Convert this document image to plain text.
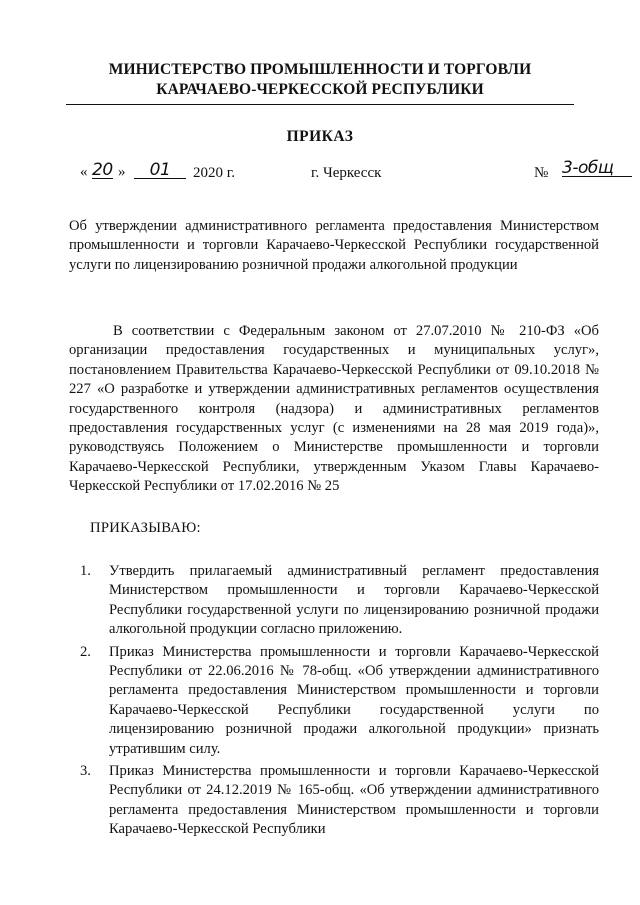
МИНИСТЕРСТВО ПРОМЫШЛЕННОСТИ И ТОРГОВЛИ
КАРАЧАЕВО-ЧЕРКЕССКОЙ РЕСПУБЛИКИ
ПРИКАЗ
« 20 »	01	2020 г.	г. Черкесск	№ 3-общ
Об утверждении административного регламента предоставления Министерством промышленности и торговли Карачаево-Черкесской Республики государственной услуги по лицензированию розничной продажи алкогольной продукции
В соответствии с Федеральным законом от 27.07.2010 № 210-ФЗ «Об организации предоставления государственных и муниципальных услуг», постановлением Правительства Карачаево-Черкесской Республики от 09.10.2018 № 227 «О разработке и утверждении административных регламентов осуществления государственного контроля (надзора) и административных регламентов предоставления государственных услуг (с изменениями на 28 мая 2019 года)», руководствуясь Положением о Министерстве промышленности и торговли Карачаево-Черкесской Республики, утвержденным Указом Главы Карачаево-Черкесской Республики от 17.02.2016 № 25
ПРИКАЗЫВАЮ:
1. Утвердить прилагаемый административный регламент предоставления Министерством промышленности и торговли Карачаево-Черкесской Республики государственной услуги по лицензированию розничной продажи алкогольной продукции согласно приложению.
2. Приказ Министерства промышленности и торговли Карачаево-Черкесской Республики от 22.06.2016 № 78-общ. «Об утверждении административного регламента предоставления Министерством промышленности и торговли Карачаево-Черкесской Республики государственной услуги по лицензированию розничной продажи алкогольной продукции» признать утратившим силу.
3. Приказ Министерства промышленности и торговли Карачаево-Черкесской Республики от 24.12.2019 № 165-общ. «Об утверждении административного регламента предоставления Министерством промышленности и торговли Карачаево-Черкесской Республики
